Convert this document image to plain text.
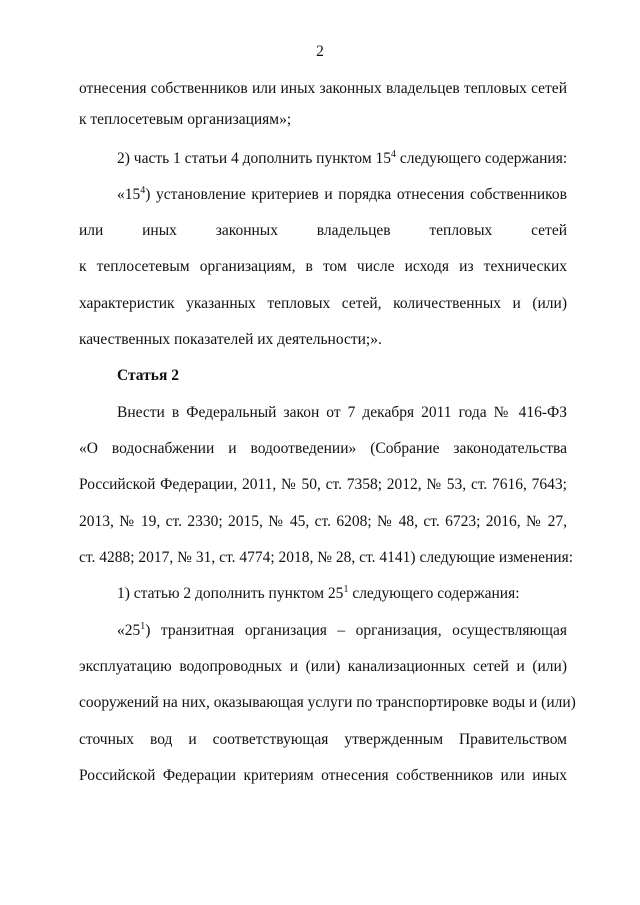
2
отнесения собственников или иных законных владельцев тепловых сетей
к теплосетевым организациям»;
2) часть 1 статьи 4 дополнить пунктом $15^4$ следующего содержания:
«$15^4$) установление критериев и порядка отнесения собственников
или иных законных владельцев тепловых сетей
к теплосетевым организациям, в том числе исходя из технических
характеристик указанных тепловых сетей, количественных и (или)
качественных показателей их деятельности;».
Статья 2
Внести в Федеральный закон от 7 декабря 2011 года № 416-ФЗ
«О водоснабжении и водоотведении» (Собрание законодательства
Российской Федерации, 2011, № 50, ст. 7358; 2012, № 53, ст. 7616, 7643;
2013, № 19, ст. 2330; 2015, № 45, ст. 6208; № 48, ст. 6723; 2016, № 27,
ст. 4288; 2017, № 31, ст. 4774; 2018, № 28, ст. 4141) следующие изменения:
1) статью 2 дополнить пунктом $25^1$ следующего содержания:
«$25^1$) транзитная организация – организация, осуществляющая
эксплуатацию водопроводных и (или) канализационных сетей и (или)
сооружений на них, оказывающая услуги по транспортировке воды и (или)
сточных вод и соответствующая утвержденным Правительством
Российской Федерации критериям отнесения собственников или иных
